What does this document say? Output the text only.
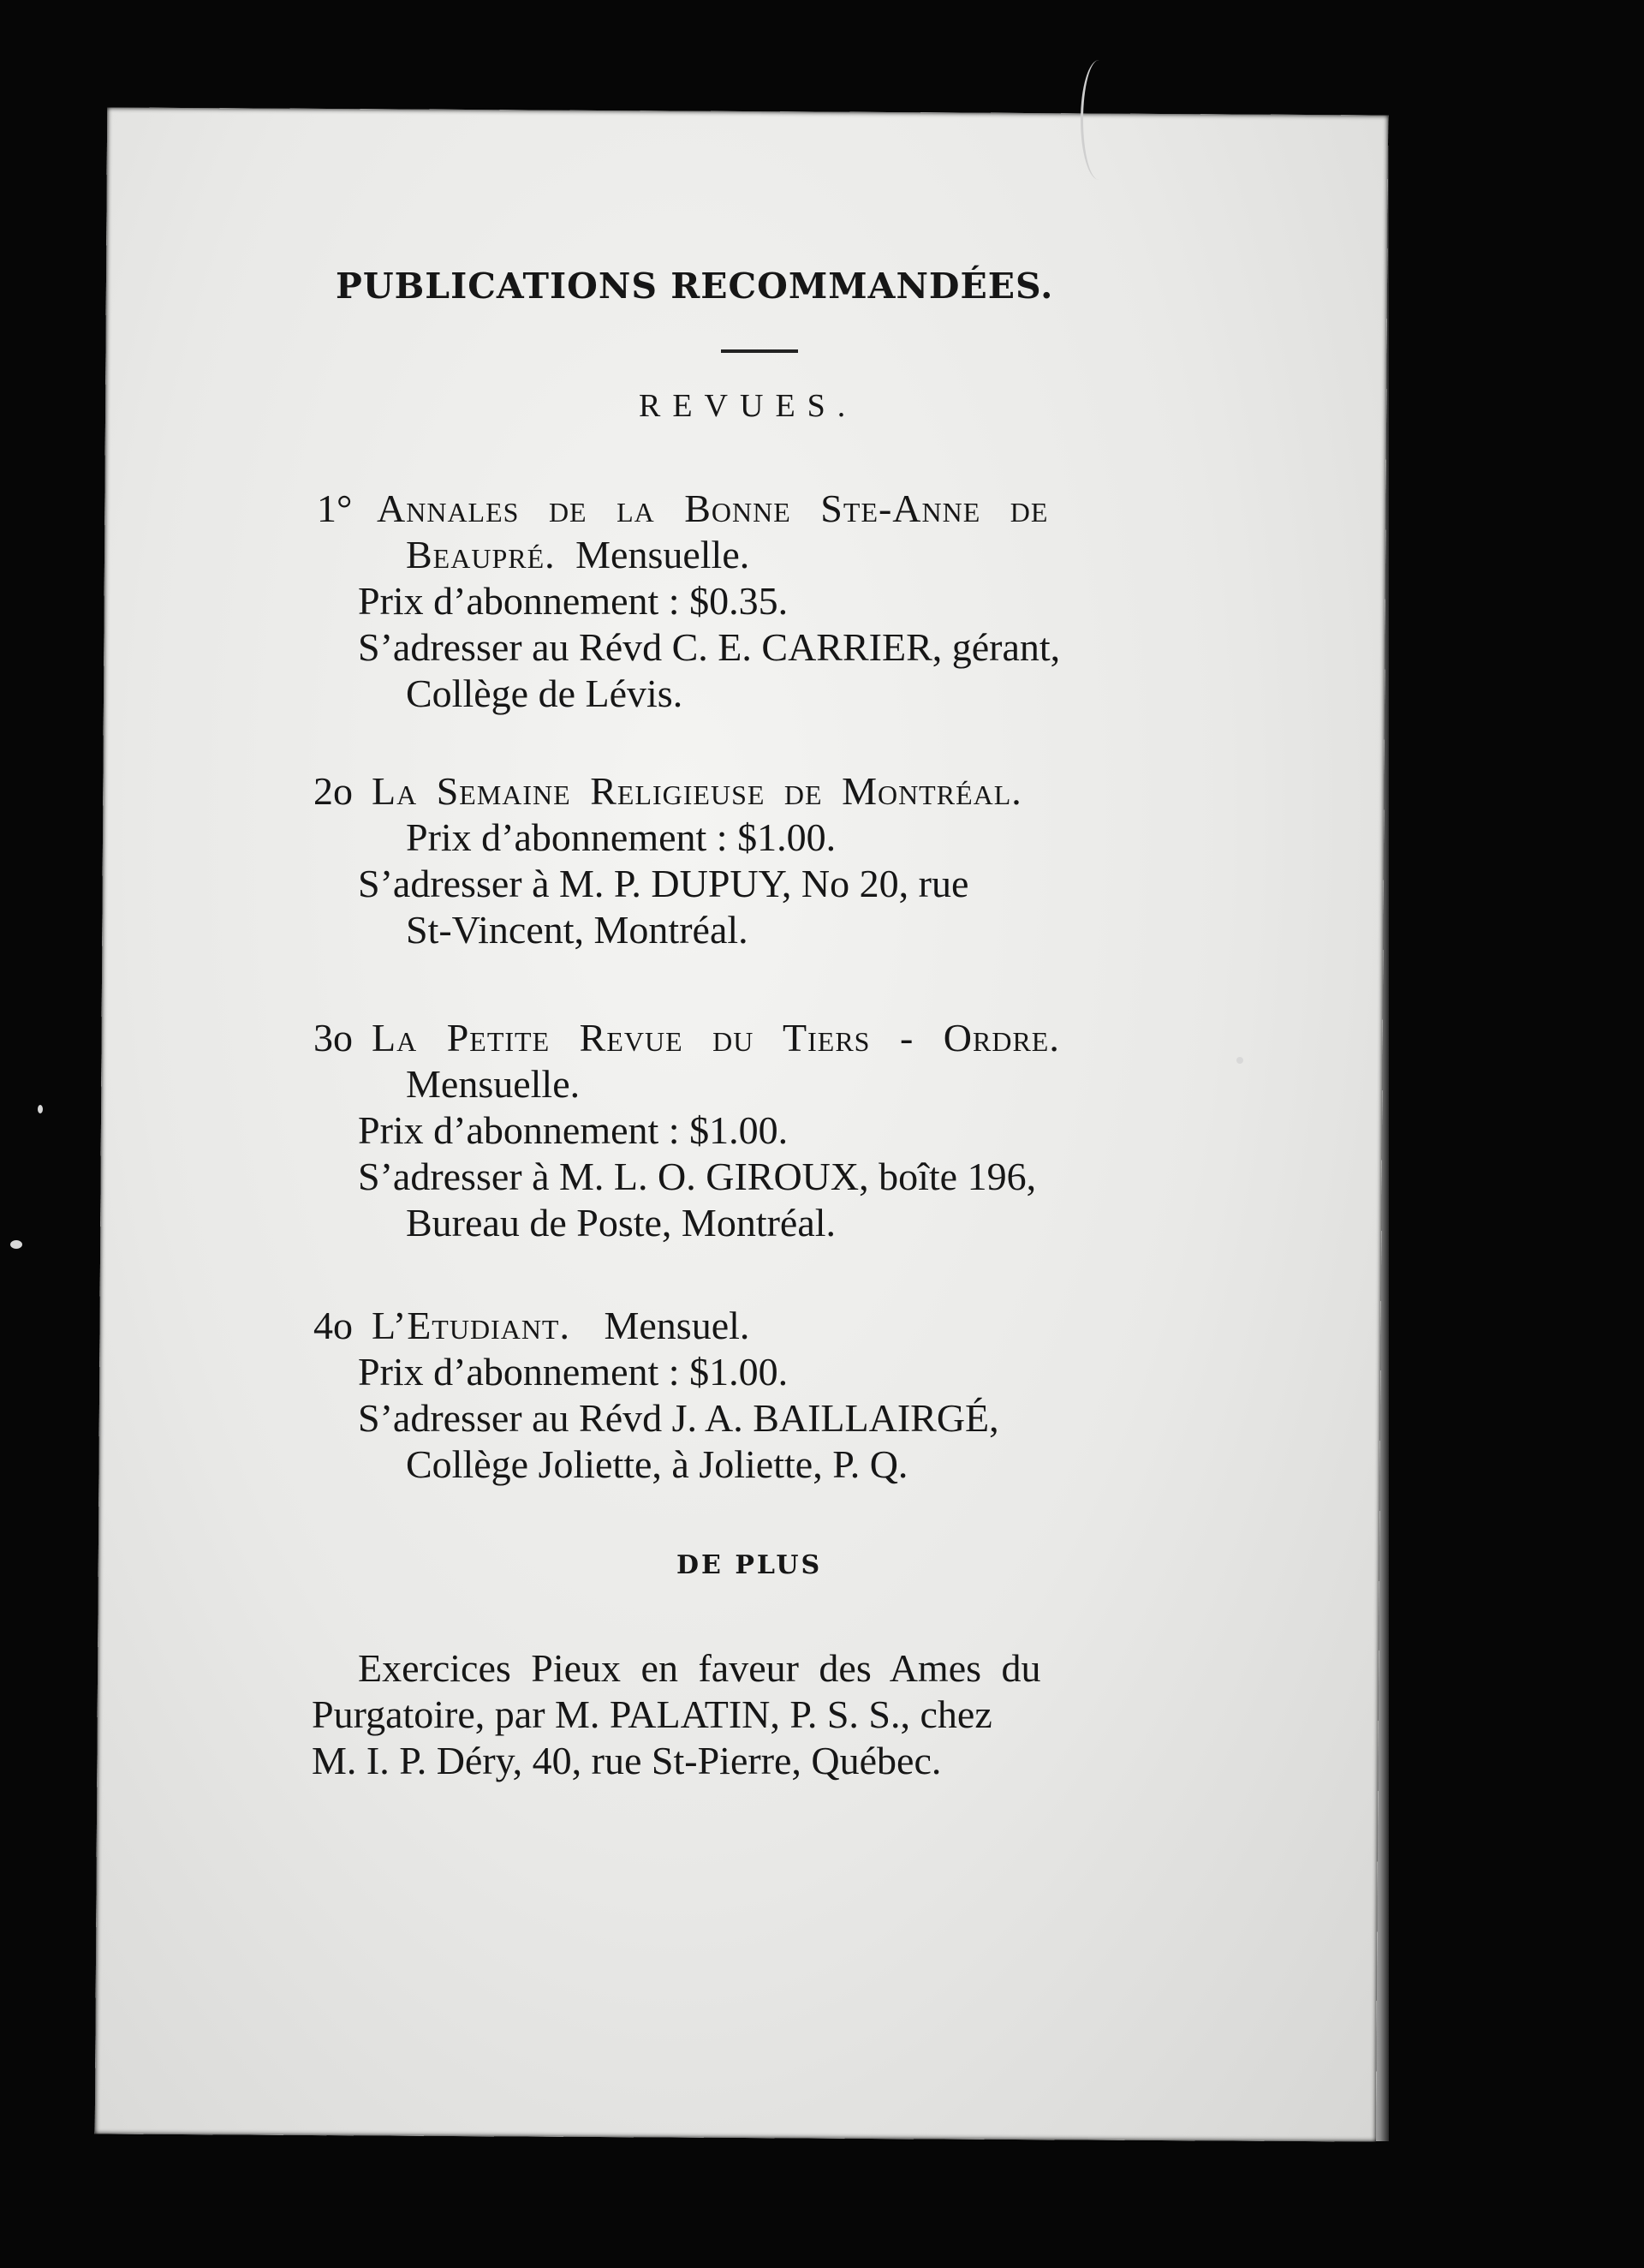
PUBLICATIONS RECOMMANDÉES.
REVUES.
1° Annales de la Bonne Ste-Anne de
Beaupré. Mensuelle.
Prix d’abonnement : $0.35.
S’adresser au Révd C. E. CARRIER, gérant,
Collège de Lévis.
2o La Semaine Religieuse de Montréal.
Prix d’abonnement : $1.00.
S’adresser à M. P. DUPUY, No 20, rue
St-Vincent, Montréal.
3o La Petite Revue du Tiers - Ordre.
Mensuelle.
Prix d’abonnement : $1.00.
S’adresser à M. L. O. GIROUX, boîte 196,
Bureau de Poste, Montréal.
4o L’Etudiant. Mensuel.
Prix d’abonnement : $1.00.
S’adresser au Révd J. A. BAILLAIRGÉ,
Collège Joliette, à Joliette, P. Q.
DE PLUS
Exercices Pieux en faveur des Ames du
Purgatoire, par M. PALATIN, P. S. S., chez
M. I. P. Déry, 40, rue St-Pierre, Québec.
